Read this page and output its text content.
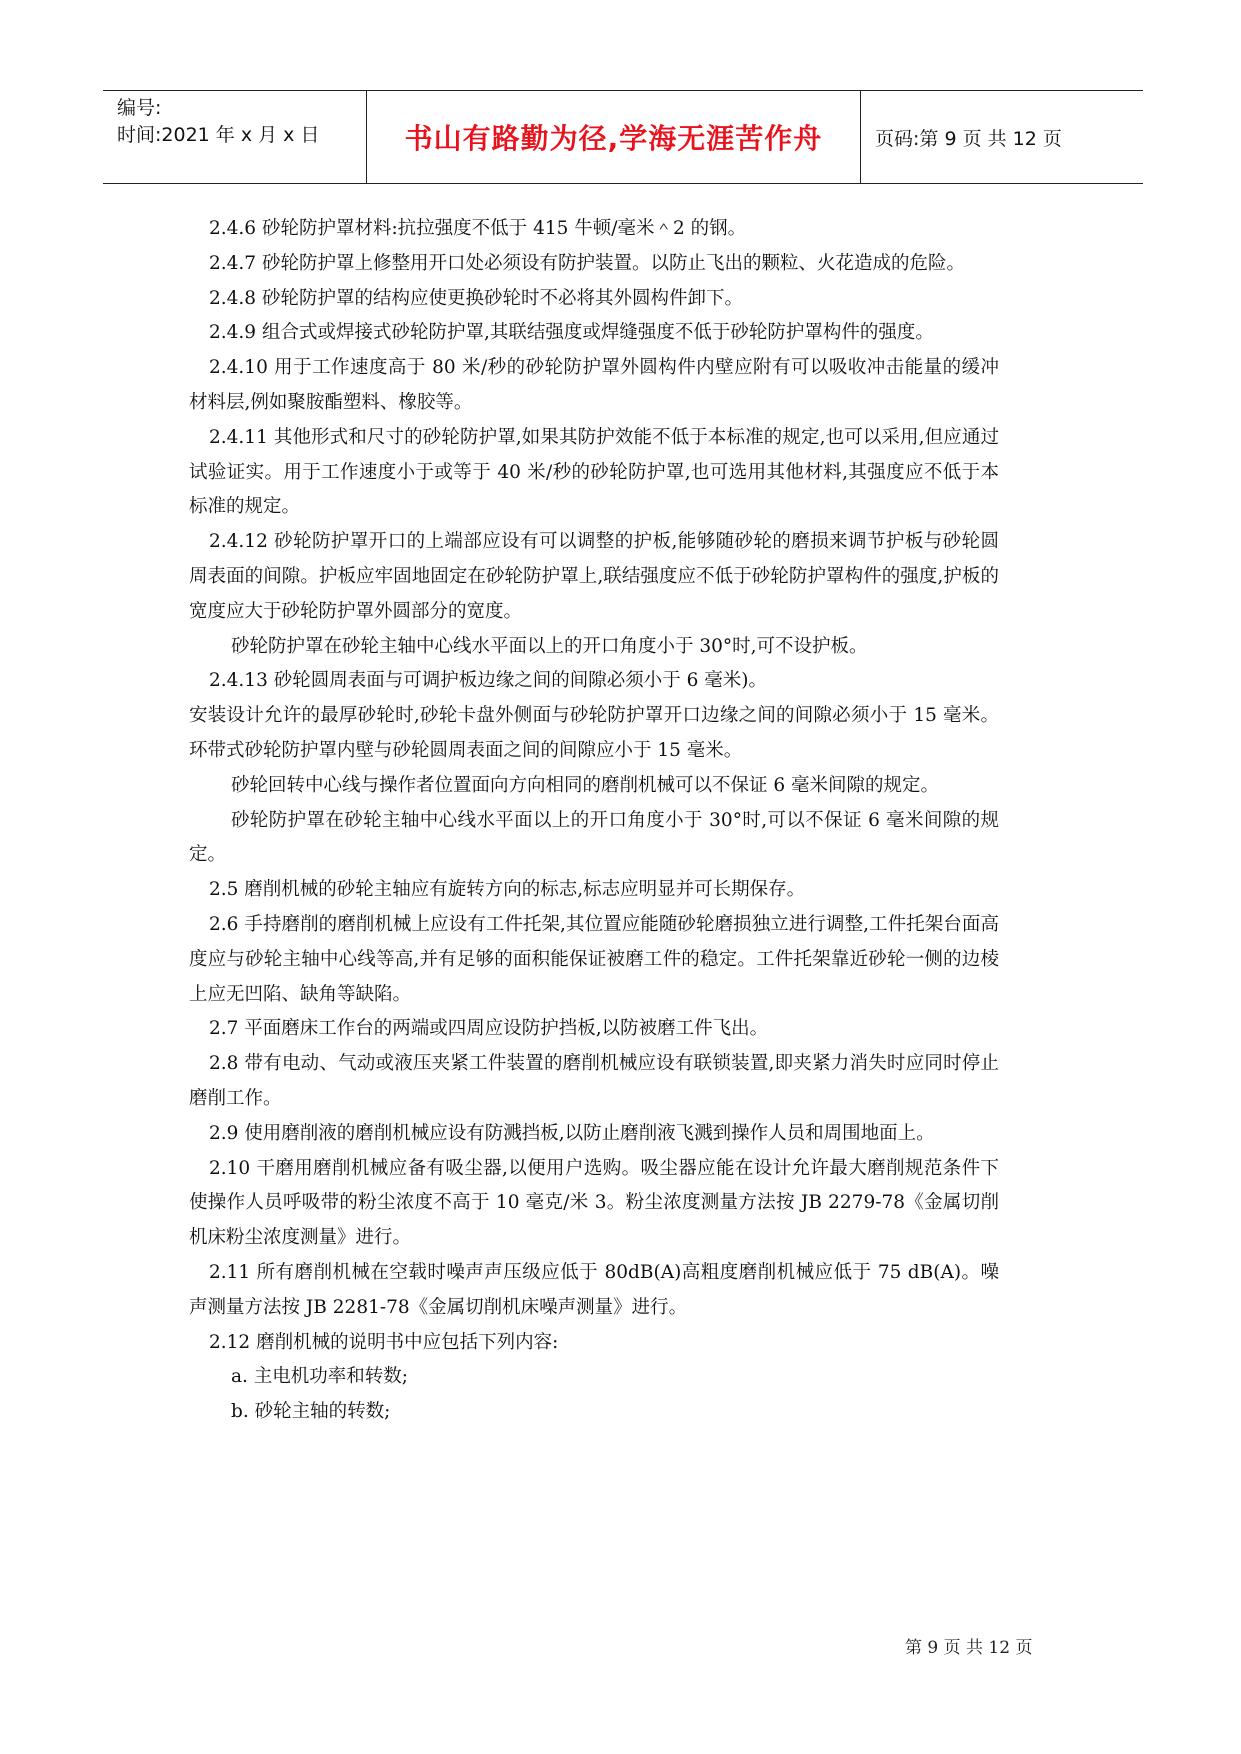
编号:
时间:2021 年 x 月 x 日	书山有路勤为径,学海无涯苦作舟	页码:第 9 页 共 12 页

2.4.6 砂轮防护罩材料:抗拉强度不低于 415 牛顿/毫米＾2 的钢。

2.4.7 砂轮防护罩上修整用开口处必须设有防护装置。以防止飞出的颗粒、火花造成的危险。

2.4.8 砂轮防护罩的结构应使更换砂轮时不必将其外圆构件卸下。

2.4.9 组合式或焊接式砂轮防护罩,其联结强度或焊缝强度不低于砂轮防护罩构件的强度。

2.4.10 用于工作速度高于 80 米/秒的砂轮防护罩外圆构件内壁应附有可以吸收冲击能量的缓冲材料层,例如聚胺酯塑料、橡胶等。

2.4.11 其他形式和尺寸的砂轮防护罩,如果其防护效能不低于本标准的规定,也可以采用,但应通过试验证实。用于工作速度小于或等于 40 米/秒的砂轮防护罩,也可选用其他材料,其强度应不低于本标准的规定。

2.4.12 砂轮防护罩开口的上端部应设有可以调整的护板,能够随砂轮的磨损来调节护板与砂轮圆周表面的间隙。护板应牢固地固定在砂轮防护罩上,联结强度应不低于砂轮防护罩构件的强度,护板的宽度应大于砂轮防护罩外圆部分的宽度。

砂轮防护罩在砂轮主轴中心线水平面以上的开口角度小于 30°时,可不设护板。

2.4.13 砂轮圆周表面与可调护板边缘之间的间隙必须小于 6 毫米)。

安装设计允许的最厚砂轮时,砂轮卡盘外侧面与砂轮防护罩开口边缘之间的间隙必须小于 15 毫米。环带式砂轮防护罩内壁与砂轮圆周表面之间的间隙应小于 15 毫米。

砂轮回转中心线与操作者位置面向方向相同的磨削机械可以不保证 6 毫米间隙的规定。

砂轮防护罩在砂轮主轴中心线水平面以上的开口角度小于 30°时,可以不保证 6 毫米间隙的规定。

2.5 磨削机械的砂轮主轴应有旋转方向的标志,标志应明显并可长期保存。

2.6 手持磨削的磨削机械上应设有工件托架,其位置应能随砂轮磨损独立进行调整,工件托架台面高度应与砂轮主轴中心线等高,并有足够的面积能保证被磨工件的稳定。工件托架靠近砂轮一侧的边棱上应无凹陷、缺角等缺陷。

2.7 平面磨床工作台的两端或四周应设防护挡板,以防被磨工件飞出。

2.8 带有电动、气动或液压夹紧工件装置的磨削机械应设有联锁装置,即夹紧力消失时应同时停止磨削工作。

2.9 使用磨削液的磨削机械应设有防溅挡板,以防止磨削液飞溅到操作人员和周围地面上。

2.10 干磨用磨削机械应备有吸尘器,以便用户选购。吸尘器应能在设计允许最大磨削规范条件下使操作人员呼吸带的粉尘浓度不高于 10 毫克/米 3。粉尘浓度测量方法按 JB 2279-78《金属切削机床粉尘浓度测量》进行。

2.11 所有磨削机械在空载时噪声声压级应低于 80dB(A)高粗度磨削机械应低于 75 dB(A)。噪声测量方法按 JB 2281-78《金属切削机床噪声测量》进行。

2.12 磨削机械的说明书中应包括下列内容:

a. 主电机功率和转数;

b. 砂轮主轴的转数;

第 9 页 共 12 页
